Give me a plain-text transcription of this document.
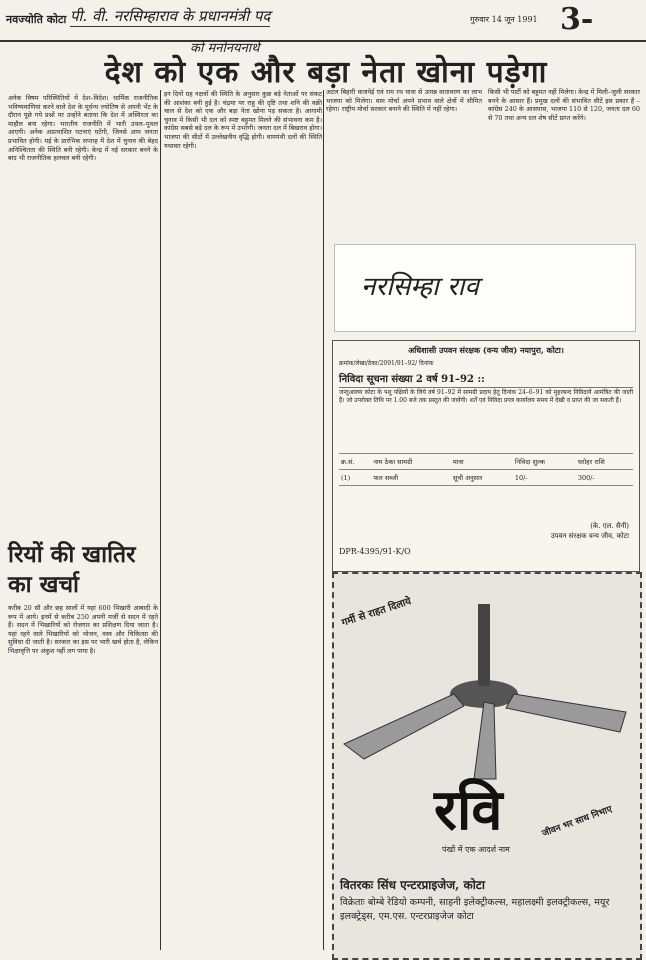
नवज्योति कोटा पी. वी. नरसिम्हाराव के प्रधानमंत्री पद	गुरुवार 14 जून 1991 3-
को मनोनयनार्थ
देश को एक और बड़ा नेता खोना पड़ेगा
अनेक विषम परिस्थितियों में देश–विदेश। धार्मिक राजनीतिक भविष्यवाणियां करने वाले देश के मूर्धन्य ज्योतिष से अपनी भेंट के दौरान पूछे गये प्रश्नों पर उन्होंने बताया कि देश में अस्थिरता का माहौल बना रहेगा। भारतीय राजनीति में भारी उथल–पुथल आएगी। अनेक अप्रत्याशित घटनाएं घटेंगी, जिनसे आम जनता प्रभावित होगी। मई के प्रारंभिक सप्ताह में देश में चुनाव की बेहद अनिश्चितता की स्थिति बनी रहेगी। केन्द्र में नई सरकार बनने के बाद भी राजनीतिक हलचल बनी रहेगी।
इन दिनों ग्रह नक्षत्रों की स्थिति के अनुसार कुछ बड़े नेताओं पर संकट की आशंका बनी हुई है। चंद्रमा पर राहु की दृष्टि तथा शनि की वक्री चाल से देश को एक और बड़ा नेता खोना पड़ सकता है। आगामी चुनाव में किसी भी दल को स्पष्ट बहुमत मिलने की संभावना कम है। कांग्रेस सबसे बड़े दल के रूप में उभरेगी। जनता दल में बिखराव होगा। भाजपा की सीटों में उल्लेखनीय वृद्धि होगी। वामपंथी दलों की स्थिति यथावत रहेगी।
अटल बिहारी वाजपेई एवं राम रथ यात्रा से उत्पन्न वातावरण का लाभ भाजपा को मिलेगा। वाम मोर्चा अपने प्रभाव वाले क्षेत्रों में सीमित रहेगा। राष्ट्रीय मोर्चा सरकार बनाने की स्थिति में नहीं रहेगा।
किसी भी पार्टी को बहुमत नहीं मिलेगा। केन्द्र में मिली–जुली सरकार बनने के आसार हैं। प्रमुख दलों की संभावित सीटें इस प्रकार हैं – कांग्रेस 240 के आसपास, भाजपा 110 से 120, जनता दल 60 से 70 तथा अन्य दल शेष सीटें प्राप्त करेंगे।
रियों की खातिर का खर्चा
करीब 20 सौ और छह सालों में यहां 600 भिखारी आबादी के रूप में आये। इनमें से करीब 250 अपनी मर्जी से सदन में रहते हैं। सदन में भिखारियों को रोजगार का प्रशिक्षण दिया जाता है। यहां रहने वाले भिखारियों को भोजन, वस्त्र और चिकित्सा की सुविधा दी जाती है। सरकार का इस पर भारी खर्च होता है, लेकिन भिक्षावृत्ति पर अंकुश नहीं लग पाया है।
नरसिम्हा राव
अधिशासी उपवन संरक्षक (वन्य जीव) नयापुरा, कोटा।
क्रमांक/लेखा/ठेका/2091/91–92/ दिनांक
निविदा सूचना संख्या 2 वर्ष 91–92 ::
जन्तुआलय कोटा के पशु पक्षियों के लिये वर्ष 91–92 में सामग्री प्रदाय हेतु दिनांक 24–6–91 को मुहरबन्द निविदायें आमंत्रित की जाती हैं। जो उपरोक्त तिथि पर 1.00 बजे तक प्रस्तुत की जावेंगी। शर्तें एवं निविदा प्रपत्र कार्यालय समय में देखी व प्राप्त की जा सकती हैं।
क्र.सं.	नाम ठेका सामग्री	मात्रा	निविदा शुल्क	धरोहर राशि
(1)	फल सब्जी	सूची अनुसार	10/-	300/-
(के. एल. सैनी)
उपवन संरक्षक वन्य जीव, कोटा
DPR-4395/91-K/O
गर्मी से राहत दिलाये
रवि
पंखों में एक आदर्श नाम
जीवन भर साथ निभाए
वितरकः सिंध एन्टरप्राइजेज, कोटा
विक्रेताः बोम्बे रेडियो कम्पनी, साहनी इलेक्ट्रीकल्स, महालक्ष्मी इलक्ट्रीकल्स, मयूर इलक्ट्रेड्स, एम.एस. एन्टरप्राइजेज कोटा
